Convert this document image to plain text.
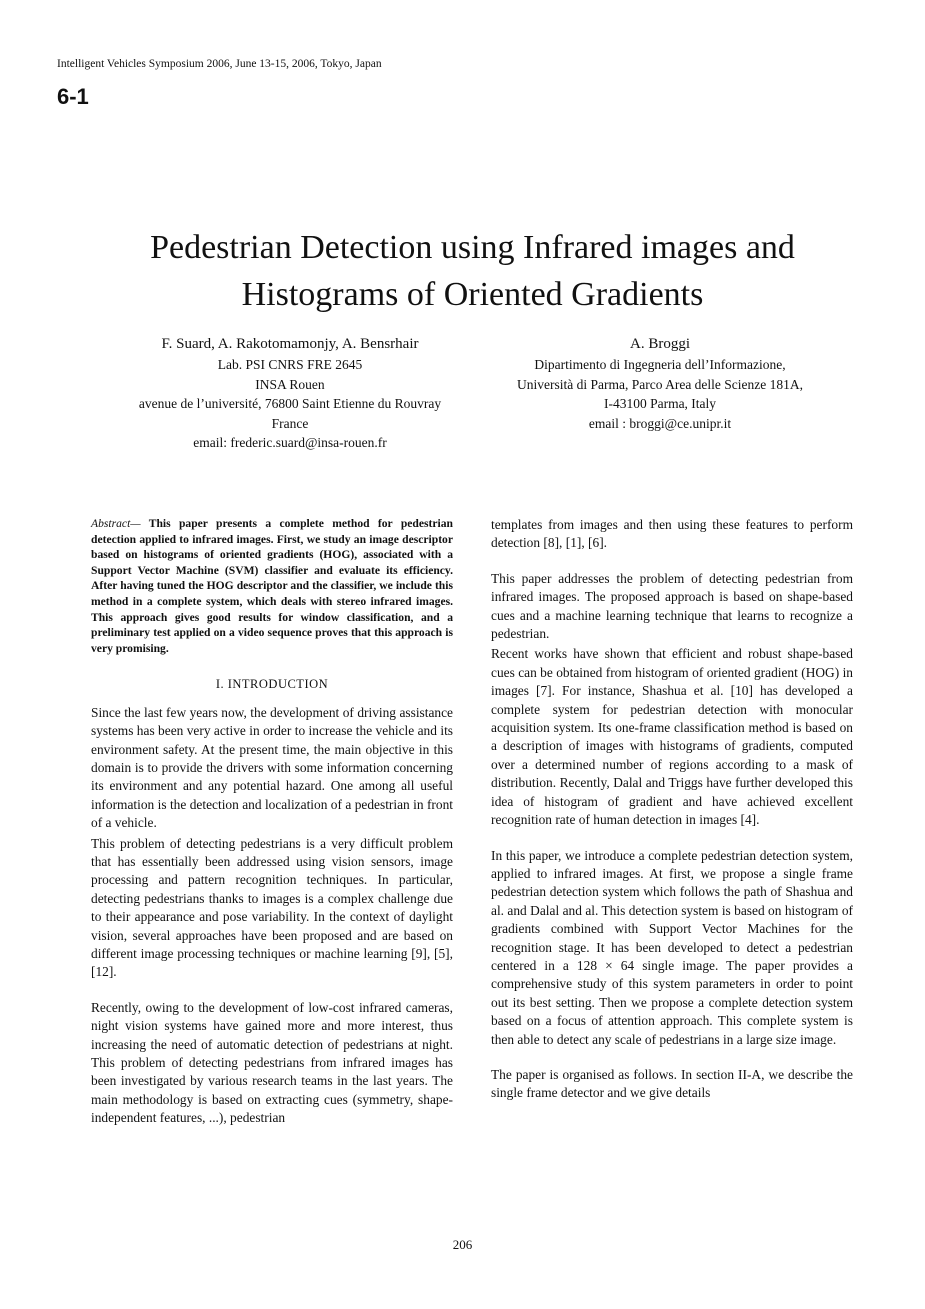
Intelligent Vehicles Symposium 2006, June 13-15, 2006, Tokyo, Japan
6-1
Pedestrian Detection using Infrared images and
Histograms of Oriented Gradients
F. Suard, A. Rakotomamonjy, A. Bensrhair
Lab. PSI CNRS FRE 2645
INSA Rouen
avenue de l’université, 76800 Saint Etienne du Rouvray
France
email: frederic.suard@insa-rouen.fr
A. Broggi
Dipartimento di Ingegneria dell’Informazione,
Università di Parma, Parco Area delle Scienze 181A,
I-43100 Parma, Italy
email : broggi@ce.unipr.it

Abstract— This paper presents a complete method for pedestrian detection applied to infrared images. First, we study an image descriptor based on histograms of oriented gradients (HOG), associated with a Support Vector Machine (SVM) classifier and evaluate its efficiency. After having tuned the HOG descriptor and the classifier, we include this method in a complete system, which deals with stereo infrared images. This approach gives good results for window classification, and a preliminary test applied on a video sequence proves that this approach is very promising.

I. INTRODUCTION

Since the last few years now, the development of driving assistance systems has been very active in order to increase the vehicle and its environment safety. At the present time, the main objective in this domain is to provide the drivers with some information concerning its environment and any potential hazard. One among all useful information is the detection and localization of a pedestrian in front of a vehicle.

This problem of detecting pedestrians is a very difficult problem that has essentially been addressed using vision sensors, image processing and pattern recognition techniques. In particular, detecting pedestrians thanks to images is a complex challenge due to their appearance and pose variability. In the context of daylight vision, several approaches have been proposed and are based on different image processing techniques or machine learning [9], [5], [12].

Recently, owing to the development of low-cost infrared cameras, night vision systems have gained more and more interest, thus increasing the need of automatic detection of pedestrians at night. This problem of detecting pedestrians from infrared images has been investigated by various research teams in the last years. The main methodology is based on extracting cues (symmetry, shape-independent features, ...), pedestrian

templates from images and then using these features to perform detection [8], [1], [6].

This paper addresses the problem of detecting pedestrian from infrared images. The proposed approach is based on shape-based cues and a machine learning technique that learns to recognize a pedestrian.

Recent works have shown that efficient and robust shape-based cues can be obtained from histogram of oriented gradient (HOG) in images [7]. For instance, Shashua et al. [10] has developed a complete system for pedestrian detection with monocular acquisition system. Its one-frame classification method is based on a description of images with histograms of gradients, computed over a determined number of regions according to a mask of distribution. Recently, Dalal and Triggs have further developed this idea of histogram of gradient and have achieved excellent recognition rate of human detection in images [4].

In this paper, we introduce a complete pedestrian detection system, applied to infrared images. At first, we propose a single frame pedestrian detection system which follows the path of Shashua and al. and Dalal and al. This detection system is based on histogram of gradients combined with Support Vector Machines for the recognition stage. It has been developed to detect a pedestrian centered in a 128 × 64 single image. The paper provides a comprehensive study of this system parameters in order to point out its best setting. Then we propose a complete detection system based on a focus of attention approach. This complete system is then able to detect any scale of pedestrians in a large size image.

The paper is organised as follows. In section II-A, we describe the single frame detector and we give details

206
